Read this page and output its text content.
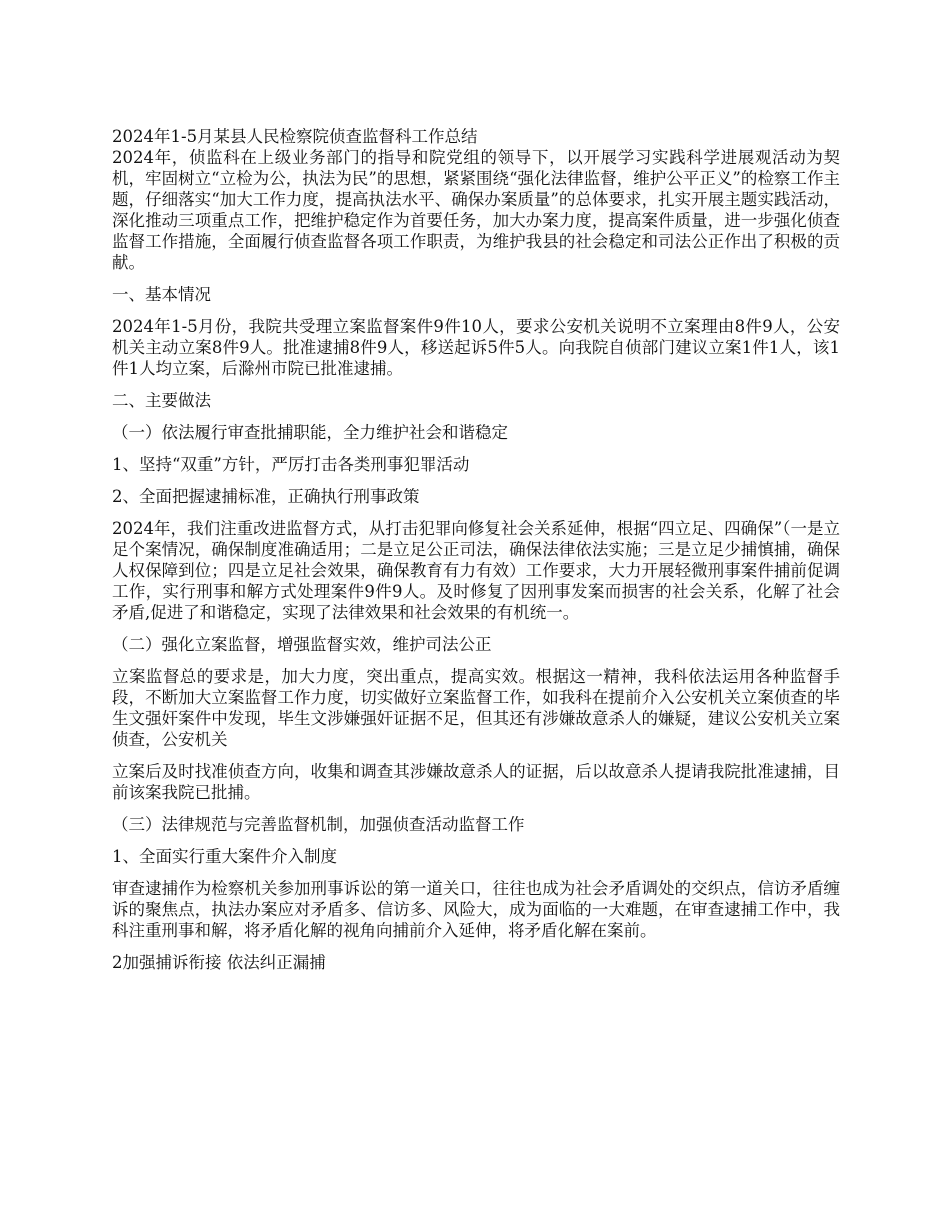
2024年1-5月某县人民检察院侦查监督科工作总结

2024年，侦监科在上级业务部门的指导和院党组的领导下，以开展学习实践科学进展观活动为契机，牢固树立“立检为公，执法为民”的思想，紧紧围绕“强化法律监督，维护公平正义”的检察工作主题，仔细落实“加大工作力度，提高执法水平、确保办案质量”的总体要求，扎实开展主题实践活动，深化推动三项重点工作，把维护稳定作为首要任务，加大办案力度，提高案件质量，进一步强化侦查监督工作措施，全面履行侦查监督各项工作职责，为维护我县的社会稳定和司法公正作出了积极的贡献。

一、基本情况

2024年1-5月份，我院共受理立案监督案件9件10人，要求公安机关说明不立案理由8件9人，公安机关主动立案8件9人。批准逮捕8件9人，移送起诉5件5人。向我院自侦部门建议立案1件1人，该1件1人均立案，后滁州市院已批准逮捕。

二、主要做法

（一）依法履行审查批捕职能，全力维护社会和谐稳定

1、坚持“双重”方针，严厉打击各类刑事犯罪活动

2、全面把握逮捕标准，正确执行刑事政策

2024年，我们注重改进监督方式，从打击犯罪向修复社会关系延伸，根据“四立足、四确保”（一是立足个案情况，确保制度准确适用；二是立足公正司法，确保法律依法实施；三是立足少捕慎捕，确保人权保障到位；四是立足社会效果，确保教育有力有效）工作要求，大力开展轻微刑事案件捕前促调工作，实行刑事和解方式处理案件9件9人。及时修复了因刑事发案而损害的社会关系，化解了社会矛盾,促进了和谐稳定，实现了法律效果和社会效果的有机统一。

（二）强化立案监督，增强监督实效，维护司法公正

立案监督总的要求是，加大力度，突出重点，提高实效。根据这一精神，我科依法运用各种监督手段，不断加大立案监督工作力度，切实做好立案监督工作，如我科在提前介入公安机关立案侦查的毕生文强奸案件中发现，毕生文涉嫌强奸证据不足，但其还有涉嫌故意杀人的嫌疑，建议公安机关立案侦查，公安机关

立案后及时找准侦查方向，收集和调查其涉嫌故意杀人的证据，后以故意杀人提请我院批准逮捕，目前该案我院已批捕。

（三）法律规范与完善监督机制，加强侦查活动监督工作

1、全面实行重大案件介入制度

审查逮捕作为检察机关参加刑事诉讼的第一道关口，往往也成为社会矛盾调处的交织点，信访矛盾缠诉的聚焦点，执法办案应对矛盾多、信访多、风险大，成为面临的一大难题，在审查逮捕工作中，我科注重刑事和解，将矛盾化解的视角向捕前介入延伸，将矛盾化解在案前。

2加强捕诉衔接 依法纠正漏捕
